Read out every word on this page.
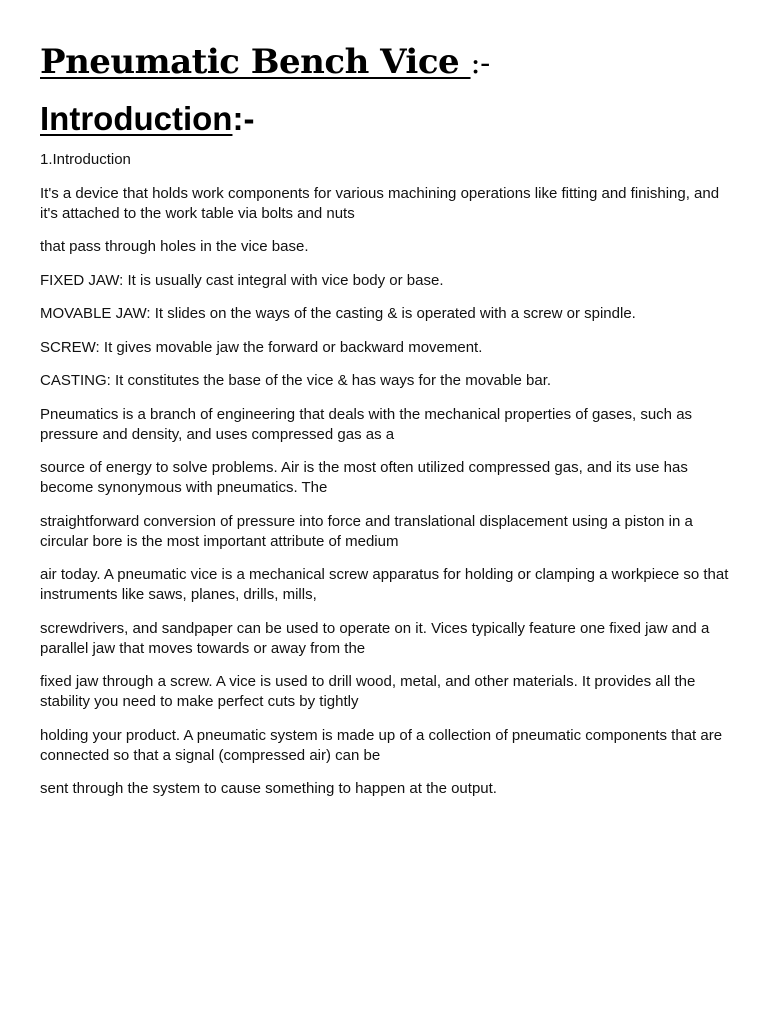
Pneumatic Bench Vice :-
Introduction:-

1.Introduction

It's a device that holds work components for various machining operations like fitting and finishing, and it's attached to the work table via bolts and nuts

that pass through holes in the vice base.

FIXED JAW: It is usually cast integral with vice body or base.

MOVABLE JAW: It slides on the ways of the casting & is operated with a screw or spindle.

SCREW: It gives movable jaw the forward or backward movement.

CASTING: It constitutes the base of the vice & has ways for the movable bar.

Pneumatics is a branch of engineering that deals with the mechanical properties of gases, such as pressure and density, and uses compressed gas as a

source of energy to solve problems. Air is the most often utilized compressed gas, and its use has become synonymous with pneumatics. The

straightforward conversion of pressure into force and translational displacement using a piston in a circular bore is the most important attribute of medium

air today. A pneumatic vice is a mechanical screw apparatus for holding or clamping a workpiece so that instruments like saws, planes, drills, mills,

screwdrivers, and sandpaper can be used to operate on it. Vices typically feature one fixed jaw and a parallel jaw that moves towards or away from the

fixed jaw through a screw. A vice is used to drill wood, metal, and other materials. It provides all the stability you need to make perfect cuts by tightly

holding your product. A pneumatic system is made up of a collection of pneumatic components that are connected so that a signal (compressed air) can be

sent through the system to cause something to happen at the output.
